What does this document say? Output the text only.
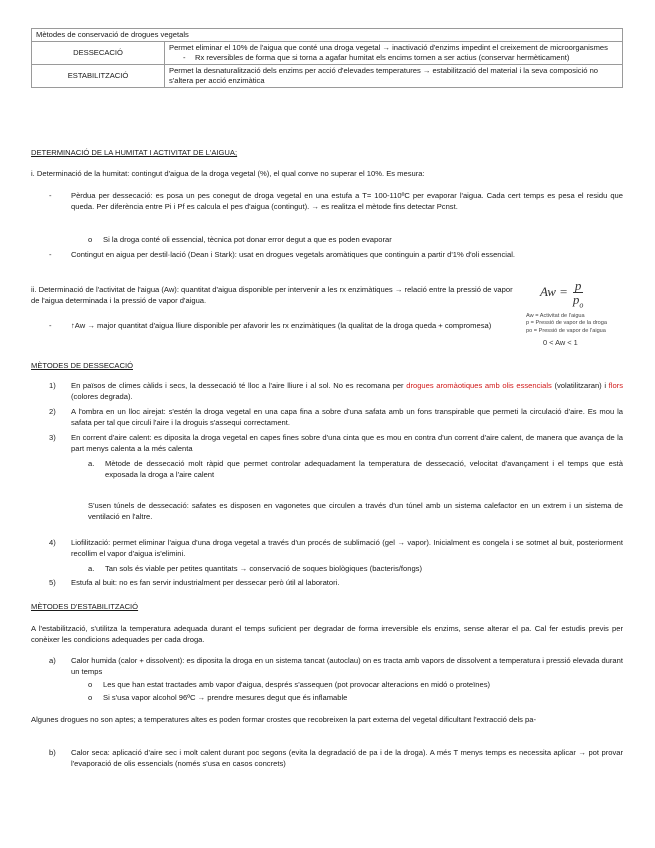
Mètodes de conservació de drogues vegetals	
DESSECACIÓ	Permet eliminar el 10% de l'aigua que conté una droga vegetal → inactivació d'enzims impedint el creixement de microorganismes
- Rx reversibles de forma que si torna a agafar humitat els encims tornen a ser actius (conservar hermèticament)

ESTABILITZACIÓ	Permet la desnaturalització dels enzims per acció d'elevades temperatures → estabilització del material i la seva composició no s'altera per acció enzimàtica
DETERMINACIÓ DE LA HUMITAT I ACTIVITAT DE L'AIGUA;
i. Determinació de la humitat: contingut d'aigua de la droga vegetal (%), el qual conve no superar el 10%. Es mesura:
-	Pèrdua per dessecació: es posa un pes conegut de droga vegetal en una estufa a T= 100-110ºC per evaporar l'aigua. Cada cert temps es pesa el residu que queda. Per diferència entre Pi i Pf es calcula el pes d'aigua (contingut). → es realitza el mètode fins detectar Pcnst.
o	Si la droga conté oli essencial, tècnica pot donar error degut a que es poden evaporar
-	Contingut en aigua per destil·lació (Dean i Stark): usat en drogues vegetals aromàtiques que continguin a partir d'1% d'oli essencial.
ii. Determinació de l'activitat de l'aigua (Aw): quantitat d'aigua disponible per intervenir a les rx enzimàtiques → relació entre la pressió de vapor de l'aigua determinada i la pressió de vapor d'aigua.
-	↑Aw → major quantitat d'aigua lliure disponible per afavorir les rx enzimàtiques (la qualitat de la droga queda + compromesa)
$Aw = \frac{p}{p_o}$
Aw = Activitat de l'aigua
p = Pressió de vapor de la droga
po = Pressió de vapor de l'aigua
0 < Aw < 1
MÈTODES DE DESSECACIÓ
1)	En països de climes càlids i secs, la dessecació té lloc a l'aire lliure i al sol. No es recomana per drogues aromàotiques amb olis essencials (volatilitzaran) i flors (colores degrada).
2)	A l'ombra en un lloc airejat: s'estén la droga vegetal en una capa fina a sobre d'una safata amb un fons transpirable que permeti la circulació d'aire. Es mou la safata per tal que circuli l'aire i la droguis s'assequi correctament.
3)	En corrent d'aire calent: es diposita la droga vegetal en capes fines sobre d'una cinta que es mou en contra d'un corrent d'aire calent, de manera que avança de la part menys calenta a la més calenta
a.	Mètode de dessecació molt ràpid que permet controlar adequadament la temperatura de dessecació, velocitat d'avançament i el temps que està exposada la droga a l'aire calent
S'usen túnels de dessecació: safates es disposen en vagonetes que circulen a través d'un túnel amb un sistema calefactor en un extrem i un sistema de ventilació en l'altre.
4)	Liofilització: permet eliminar l'aigua d'una droga vegetal a través d'un procés de sublimació (gel → vapor). Inicialment es congela i se sotmet al buit, posteriorment recollim el vapor d'aigua is'elimini.
a.	Tan sols és viable per petites quantitats → conservació de soques biològiques (bacteris/fongs)
5)	Estufa al buit: no es fan servir industrialment per dessecar però útil al laboratori.
MÈTODES D'ESTABILITZACIÓ
A l'estabilització, s'utilitza la temperatura adequada durant el temps suficient per degradar de forma irreversible els enzims, sense alterar el pa. Cal fer estudis previs per conèixer les condicions adequades per cada droga.
a)	Calor humida (calor + dissolvent): es diposita la droga en un sistema tancat (autoclau) on es tracta amb vapors de dissolvent a temperatura i pressió elevada durant un temps
o	Les que han estat tractades amb vapor d'aigua, després s'assequen (pot provocar alteracions en midó o proteïnes)
o	Si s'usa vapor alcohol 96ºC → prendre mesures degut que és inflamable
Algunes drogues no son aptes; a temperatures altes es poden formar crostes que recobreixen la part externa del vegetal dificultant l'extracció dels pa-
b)	Calor seca: aplicació d'aire sec i molt calent durant poc segons (evita la degradació de pa i de la droga). A més T menys temps es necessita aplicar → pot provar l'evaporació de olis essencials (només s'usa en casos concrets)
